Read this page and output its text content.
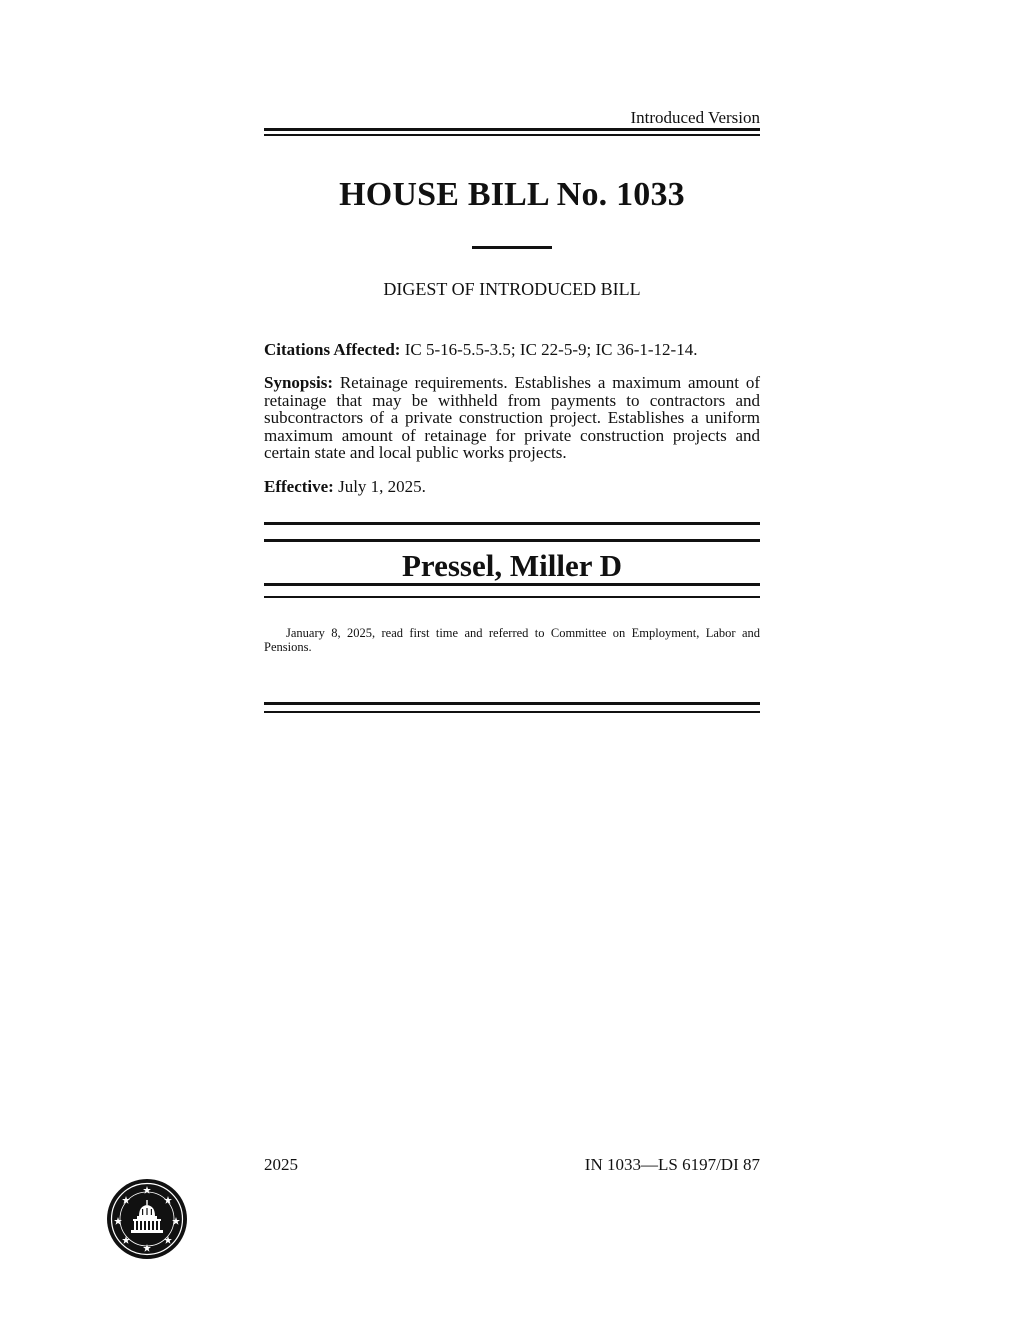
Introduced Version
HOUSE BILL No. 1033
DIGEST OF INTRODUCED BILL
Citations Affected: IC 5-16-5.5-3.5; IC 22-5-9; IC 36-1-12-14.
Synopsis: Retainage requirements. Establishes a maximum amount of retainage that may be withheld from payments to contractors and subcontractors of a private construction project. Establishes a uniform maximum amount of retainage for private construction projects and certain state and local public works projects.
Effective: July 1, 2025.
Pressel, Miller D
January 8, 2025, read first time and referred to Committee on Employment, Labor and Pensions.
2025	IN 1033—LS 6197/DI 87
